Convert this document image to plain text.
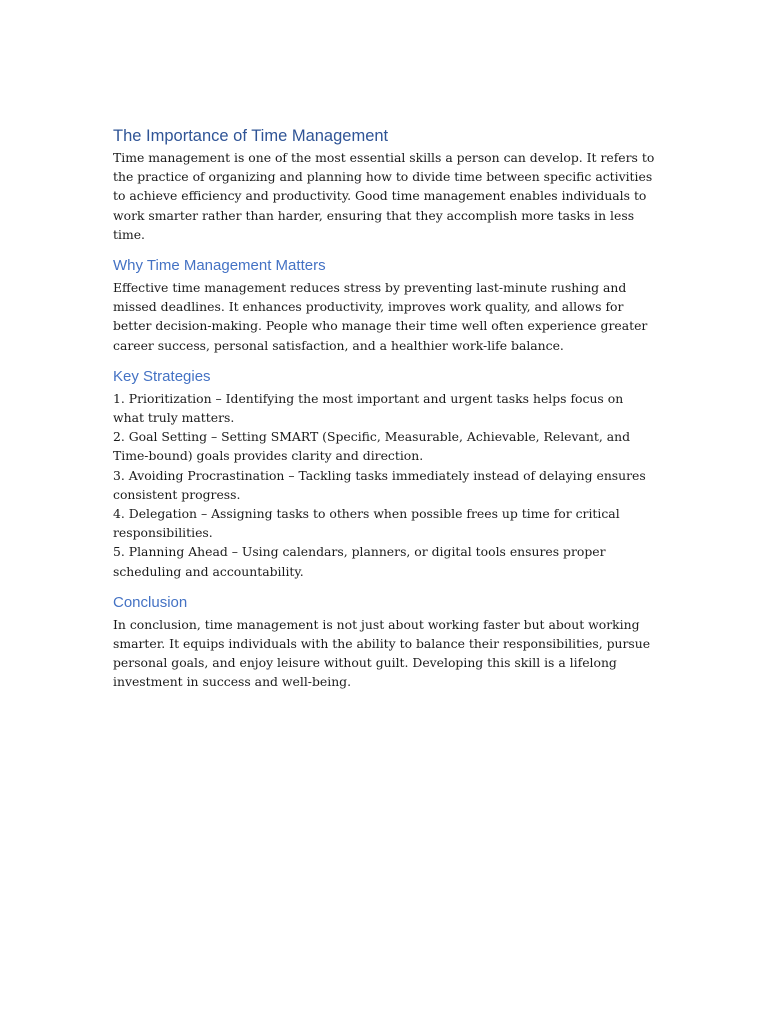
The Importance of Time Management

Time management is one of the most essential skills a person can develop. It refers to the practice of organizing and planning how to divide time between specific activities to achieve efficiency and productivity. Good time management enables individuals to work smarter rather than harder, ensuring that they accomplish more tasks in less time.

Why Time Management Matters

Effective time management reduces stress by preventing last-minute rushing and missed deadlines. It enhances productivity, improves work quality, and allows for better decision-making. People who manage their time well often experience greater career success, personal satisfaction, and a healthier work-life balance.

Key Strategies
1. Prioritization – Identifying the most important and urgent tasks helps focus on what truly matters.
2. Goal Setting – Setting SMART (Specific, Measurable, Achievable, Relevant, and Time-bound) goals provides clarity and direction.
3. Avoiding Procrastination – Tackling tasks immediately instead of delaying ensures consistent progress.
4. Delegation – Assigning tasks to others when possible frees up time for critical responsibilities.
5. Planning Ahead – Using calendars, planners, or digital tools ensures proper scheduling and accountability.
Conclusion

In conclusion, time management is not just about working faster but about working smarter. It equips individuals with the ability to balance their responsibilities, pursue personal goals, and enjoy leisure without guilt. Developing this skill is a lifelong investment in success and well-being.
